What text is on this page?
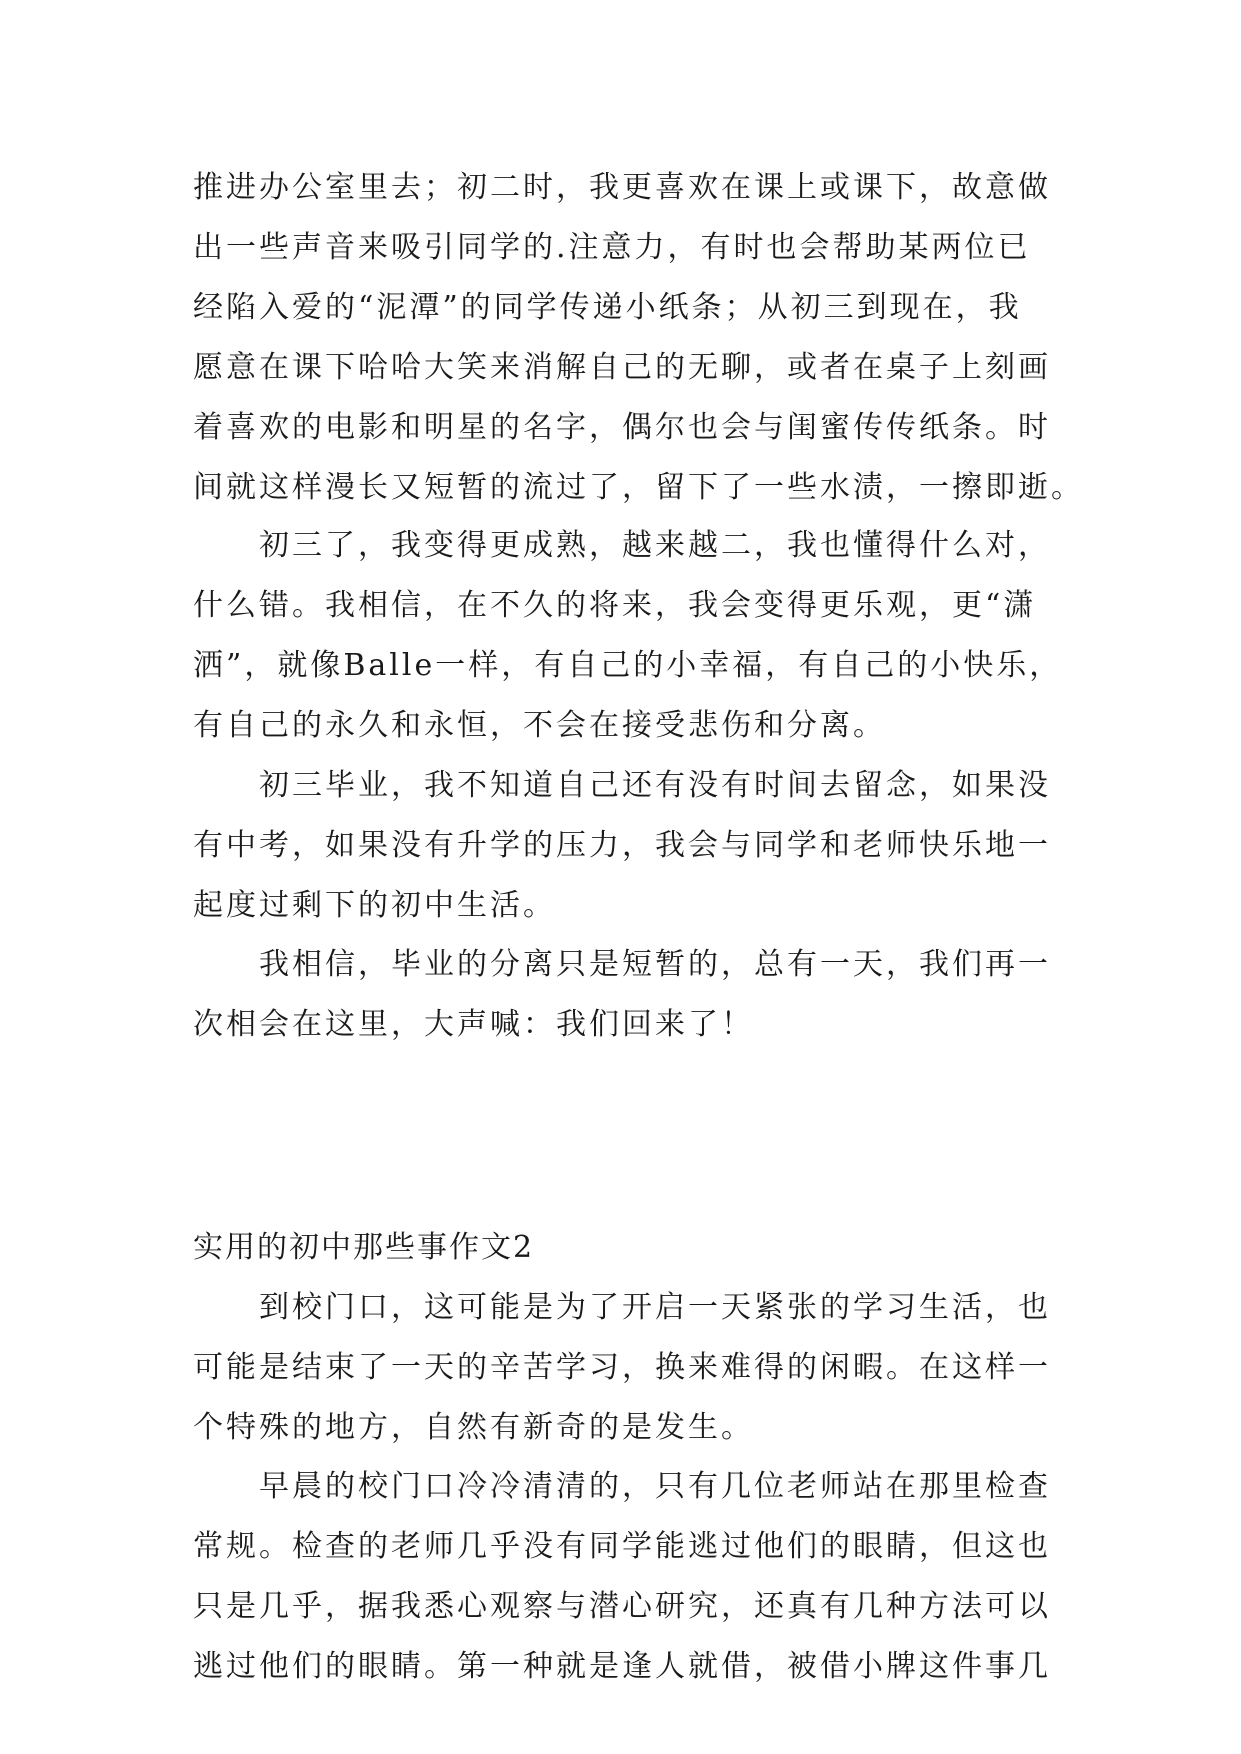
推进办公室里去；初二时，我更喜欢在课上或课下，故意做
出一些声音来吸引同学的.注意力，有时也会帮助某两位已
经陷入爱的“泥潭”的同学传递小纸条；从初三到现在，我
愿意在课下哈哈大笑来消解自己的无聊，或者在桌子上刻画
着喜欢的电影和明星的名字，偶尔也会与闺蜜传传纸条。时
间就这样漫长又短暂的流过了，留下了一些水渍，一擦即逝。
初三了，我变得更成熟，越来越二，我也懂得什么对，
什么错。我相信，在不久的将来，我会变得更乐观，更“潇
洒”，就像Balle一样，有自己的小幸福，有自己的小快乐，
有自己的永久和永恒，不会在接受悲伤和分离。
初三毕业，我不知道自己还有没有时间去留念，如果没
有中考，如果没有升学的压力，我会与同学和老师快乐地一
起度过剩下的初中生活。
我相信，毕业的分离只是短暂的，总有一天，我们再一
次相会在这里，大声喊：我们回来了！
实用的初中那些事作文2
到校门口，这可能是为了开启一天紧张的学习生活，也
可能是结束了一天的辛苦学习，换来难得的闲暇。在这样一
个特殊的地方，自然有新奇的是发生。
早晨的校门口冷冷清清的，只有几位老师站在那里检查
常规。检查的老师几乎没有同学能逃过他们的眼睛，但这也
只是几乎，据我悉心观察与潜心研究，还真有几种方法可以
逃过他们的眼睛。第一种就是逢人就借，被借小牌这件事几
